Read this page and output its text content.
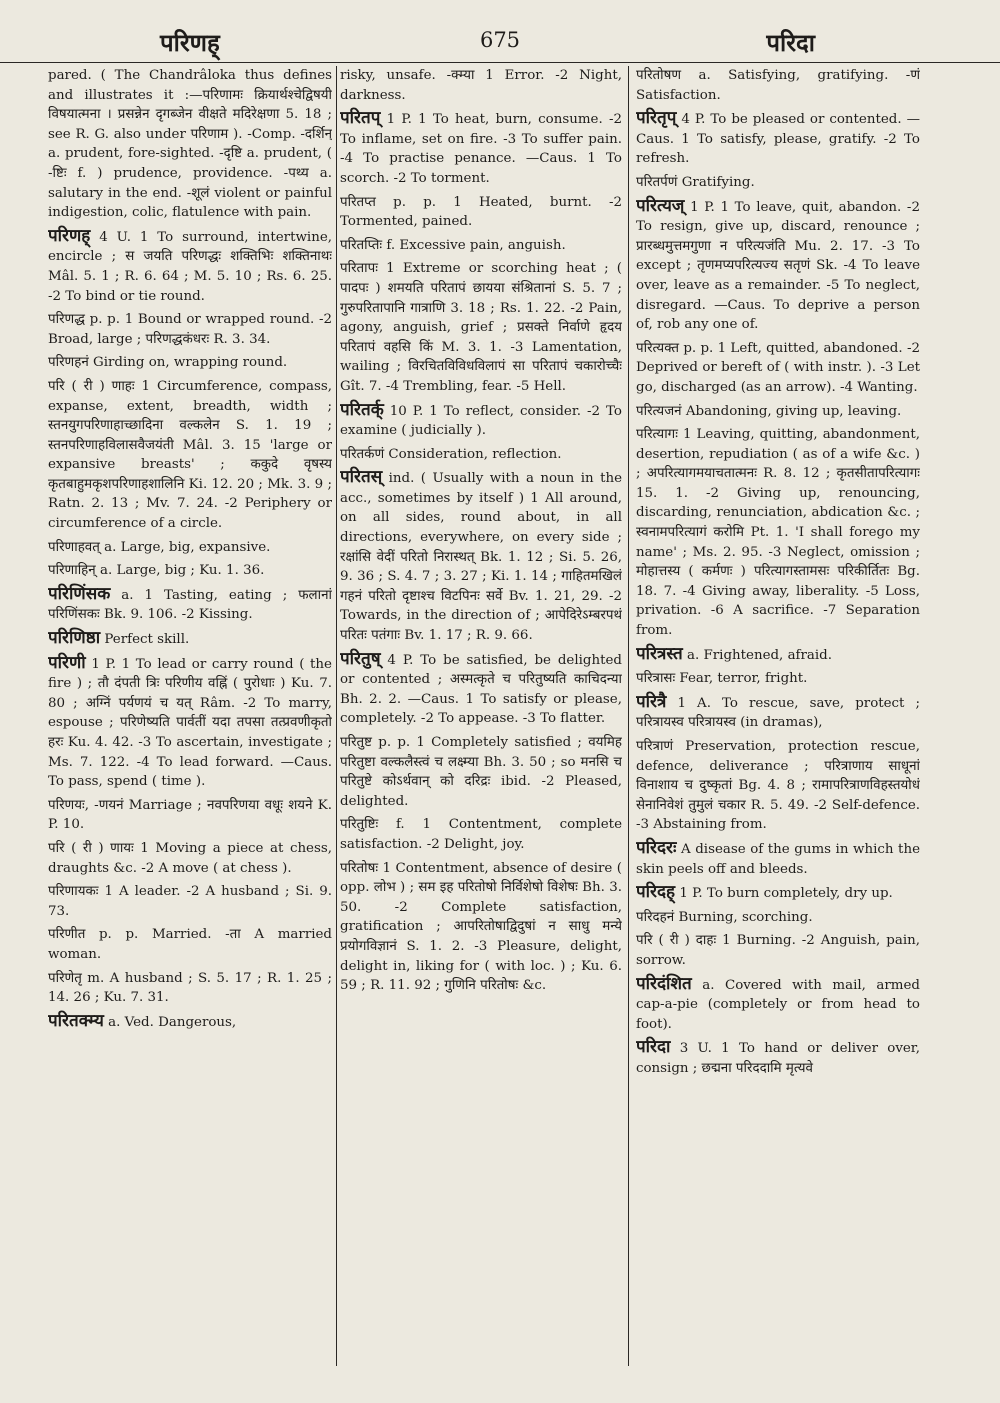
परिणह्	675	परिदा

pared. ( The Chandrâloka thus defines and illustrates it :—परिणामः क्रियार्थश्चेद्विषयी विषयात्मना । प्रसन्नेन दृगब्जेन वीक्षते मदिरेक्षणा 5. 18 ; see R. G. also under परिणाम ). -Comp. -दर्शिन् a. prudent, fore-sighted. -दृष्टि a. prudent, ( -ष्टिः f. ) prudence, providence. -पथ्य a. salutary in the end. -शूलं violent or painful indigestion, colic, flatulence with pain.

परिणह् 4 U. 1 To surround, intertwine, encircle ; स जयति परिणद्धः शक्तिभिः शक्तिनाथः Mâl. 5. 1 ; R. 6. 64 ; M. 5. 10 ; Rs. 6. 25. -2 To bind or tie round.

परिणद्ध p. p. 1 Bound or wrapped round. -2 Broad, large ; परिणद्धकंधरः R. 3. 34.

परिणहनं Girding on, wrapping round.

परि ( री ) णाहः 1 Circumference, compass, expanse, extent, breadth, width ; स्तनयुगपरिणाहाच्छादिना वल्कलेन S. 1. 19 ; स्तनपरिणाहविलासवैजयंती Mâl. 3. 15 'large or expansive breasts' ; ककुदे वृषस्य कृतबाहुमकृशपरिणाहशालिनि Ki. 12. 20 ; Mk. 3. 9 ; Ratn. 2. 13 ; Mv. 7. 24. -2 Periphery or circumference of a circle.

परिणाहवत् a. Large, big, expansive.

परिणाहिन् a. Large, big ; Ku. 1. 36.

परिणिंसक a. 1 Tasting, eating ; फलानां परिणिंसकः Bk. 9. 106. -2 Kissing.

परिणिष्ठा Perfect skill.

परिणी 1 P. 1 To lead or carry round ( the fire ) ; तौ दंपती त्रिः परिणीय वह्निं ( पुरोधाः ) Ku. 7. 80 ; अग्निं पर्यणयं च यत् Râm. -2 To marry, espouse ; परिणेष्यति पार्वतीं यदा तपसा तत्प्रवणीकृतो हरः Ku. 4. 42. -3 To ascertain, investigate ; Ms. 7. 122. -4 To lead forward. —Caus. To pass, spend ( time ).

परिणयः, -णयनं Marriage ; नवपरिणया वधूः शयने K. P. 10.

परि ( री ) णायः 1 Moving a piece at chess, draughts &c. -2 A move ( at chess ).

परिणायकः 1 A leader. -2 A husband ; Si. 9. 73.

परिणीत p. p. Married. -ता A married woman.

परिणेतृ m. A husband ; S. 5. 17 ; R. 1. 25 ; 14. 26 ; Ku. 7. 31.

परितक्म्य a. Ved. Dangerous,

risky, unsafe. -क्म्या 1 Error. -2 Night, darkness.

परितप् 1 P. 1 To heat, burn, consume. -2 To inflame, set on fire. -3 To suffer pain. -4 To practise penance. —Caus. 1 To scorch. -2 To torment.

परितप्त p. p. 1 Heated, burnt. -2 Tormented, pained.

परितप्तिः f. Excessive pain, anguish.

परितापः 1 Extreme or scorching heat ; ( पादपः ) शमयति परितापं छायया संश्रितानां S. 5. 7 ; गुरुपरितापानि गात्राणि 3. 18 ; Rs. 1. 22. -2 Pain, agony, anguish, grief ; प्रसक्ते निर्वाणे हृदय परितापं वहसि किं M. 3. 1. -3 Lamentation, wailing ; विरचितविविधविलापं सा परितापं चकारोच्चैः Gît. 7. -4 Trembling, fear. -5 Hell.

परितर्क् 10 P. 1 To reflect, consider. -2 To examine ( judicially ).

परितर्कणं Consideration, reflection.

परितस् ind. ( Usually with a noun in the acc., sometimes by itself ) 1 All around, on all sides, round about, in all directions, everywhere, on every side ; रक्षांसि वेदीं परितो निरास्थत् Bk. 1. 12 ; Si. 5. 26, 9. 36 ; S. 4. 7 ; 3. 27 ; Ki. 1. 14 ; गाहितमखिलं गहनं परितो दृष्टाश्च विटपिनः सर्वे Bv. 1. 21, 29. -2 Towards, in the direction of ; आपेदिरेऽम्बरपथं परितः पतंगाः Bv. 1. 17 ; R. 9. 66.

परितुष् 4 P. To be satisfied, be delighted or contented ; अस्मत्कृते च परितुष्यति काचिदन्या Bh. 2. 2. —Caus. 1 To satisfy or please, completely. -2 To appease. -3 To flatter.

परितुष्ट p. p. 1 Completely satisfied ; वयमिह परितुष्टा वल्कलैस्त्वं च लक्ष्म्या Bh. 3. 50 ; so मनसि च परितुष्टे कोऽर्थवान् को दरिद्रः ibid. -2 Pleased, delighted.

परितुष्टिः f. 1 Contentment, complete satisfaction. -2 Delight, joy.

परितोषः 1 Contentment, absence of desire ( opp. लोभ ) ; सम इह परितोषो निर्विशेषो विशेषः Bh. 3. 50. -2 Complete satisfaction, gratification ; आपरितोषाद्विदुषां न साधु मन्ये प्रयोगविज्ञानं S. 1. 2. -3 Pleasure, delight, delight in, liking for ( with loc. ) ; Ku. 6. 59 ; R. 11. 92 ; गुणिनि परितोषः &c.

परितोषण a. Satisfying, gratifying. -णं Satisfaction.

परितृप् 4 P. To be pleased or contented. —Caus. 1 To satisfy, please, gratify. -2 To refresh.

परितर्पणं Gratifying.

परित्यज् 1 P. 1 To leave, quit, abandon. -2 To resign, give up, discard, renounce ; प्रारब्धमुत्तमगुणा न परित्यजंति Mu. 2. 17. -3 To except ; तृणमप्यपरित्यज्य सतृणं Sk. -4 To leave over, leave as a remainder. -5 To neglect, disregard. —Caus. To deprive a person of, rob any one of.

परित्यक्त p. p. 1 Left, quitted, abandoned. -2 Deprived or bereft of ( with instr. ). -3 Let go, discharged (as an arrow). -4 Wanting.

परित्यजनं Abandoning, giving up, leaving.

परित्यागः 1 Leaving, quitting, abandonment, desertion, repudiation ( as of a wife &c. ) ; अपरित्यागमयाचतात्मनः R. 8. 12 ; कृतसीतापरित्यागः 15. 1. -2 Giving up, renouncing, discarding, renunciation, abdication &c. ; स्वनामपरित्यागं करोमि Pt. 1. 'I shall forego my name' ; Ms. 2. 95. -3 Neglect, omission ; मोहात्तस्य ( कर्मणः ) परित्यागस्तामसः परिकीर्तितः Bg. 18. 7. -4 Giving away, liberality. -5 Loss, privation. -6 A sacrifice. -7 Separation from.

परित्रस्त a. Frightened, afraid.

परित्रासः Fear, terror, fright.

परित्रै 1 A. To rescue, save, protect ; परित्रायस्व परित्रायस्व (in dramas),

परित्राणं Preservation, protection rescue, defence, deliverance ; परित्राणाय साधूनां विनाशाय च दुष्कृतां Bg. 4. 8 ; रामापरित्राणविहस्तयोधं सेनानिवेशं तुमुलं चकार R. 5. 49. -2 Self-defence. -3 Abstaining from.

परिदरः A disease of the gums in which the skin peels off and bleeds.

परिदह् 1 P. To burn completely, dry up.

परिदहनं Burning, scorching.

परि ( री ) दाहः 1 Burning. -2 Anguish, pain, sorrow.

परिदंशित a. Covered with mail, armed cap-a-pie (completely or from head to foot).

परिदा 3 U. 1 To hand or deliver over, consign ; छद्मना परिददामि मृत्यवे
